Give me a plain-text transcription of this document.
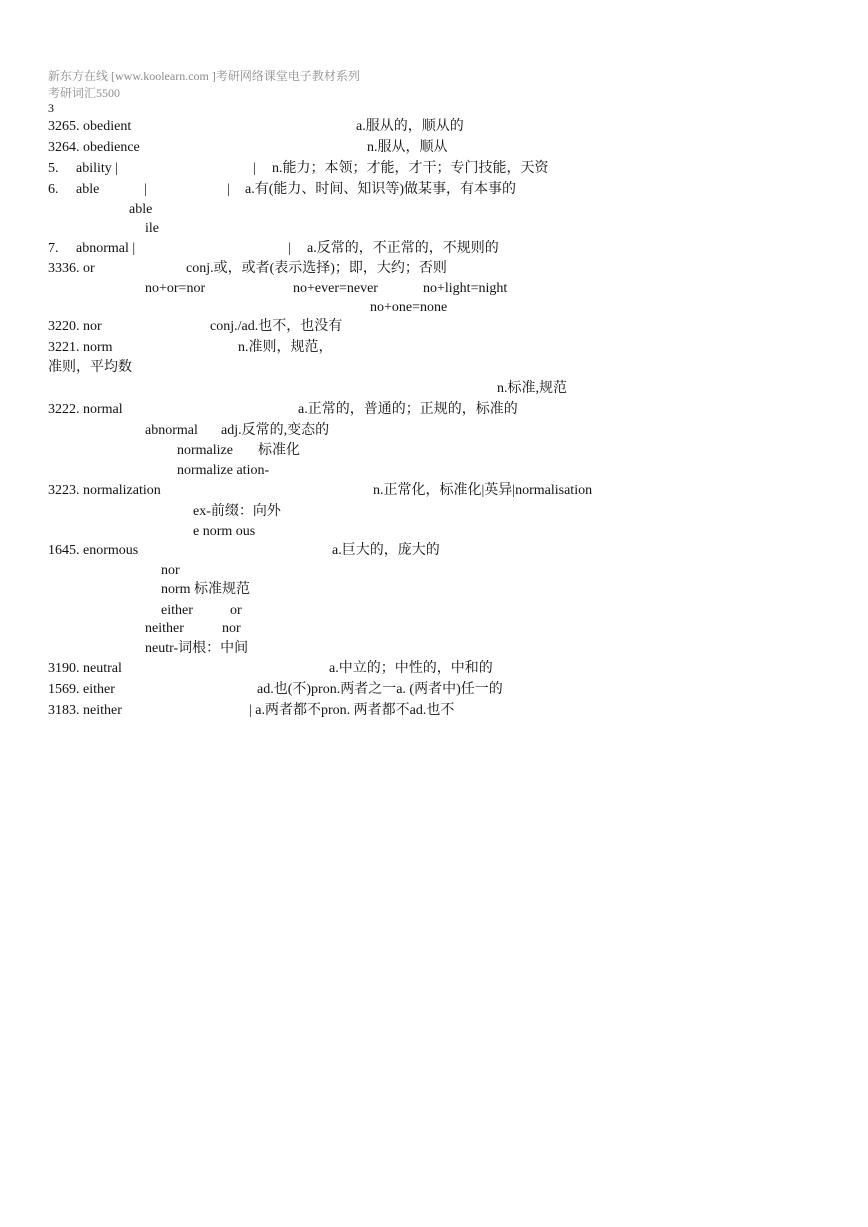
新东方在线 [www.koolearn.com ]考研网络课堂电子教材系列
考研词汇5500
3
3265. obedient	a.服从的，顺从的
3264. obedience	n.服从，顺从
5. ability |	| n.能力；本领；才能，才干；专门技能，天资
6. able	|	| a.有(能力、时间、知识等)做某事，有本事的
able
ile
7. abnormal |	| a.反常的，不正常的，不规则的
3336. or	conj.或，或者(表示选择)；即，大约；否则
no+or=nor	no+ever=never	no+light=night
no+one=none
3220. nor	conj./ad.也不，也没有
3221. norm	n.准则，规范，
准则，平均数
n.标准,规范
3222. normal	a.正常的，普通的；正规的，标准的
abnormal adj.反常的,变态的
normalize 标准化
normalize ation-
3223. normalization	n.正常化，标准化|英异|normalisation
ex-前缀：向外
e norm ous
1645. enormous	a.巨大的，庞大的
nor
norm 标准规范
either	or
neither	nor
neutr-词根：中间
3190. neutral	a.中立的；中性的，中和的
1569. either	ad.也(不)pron.两者之一a. (两者中)任一的
3183. neither	| a.两者都不pron. 两者都不ad.也不
